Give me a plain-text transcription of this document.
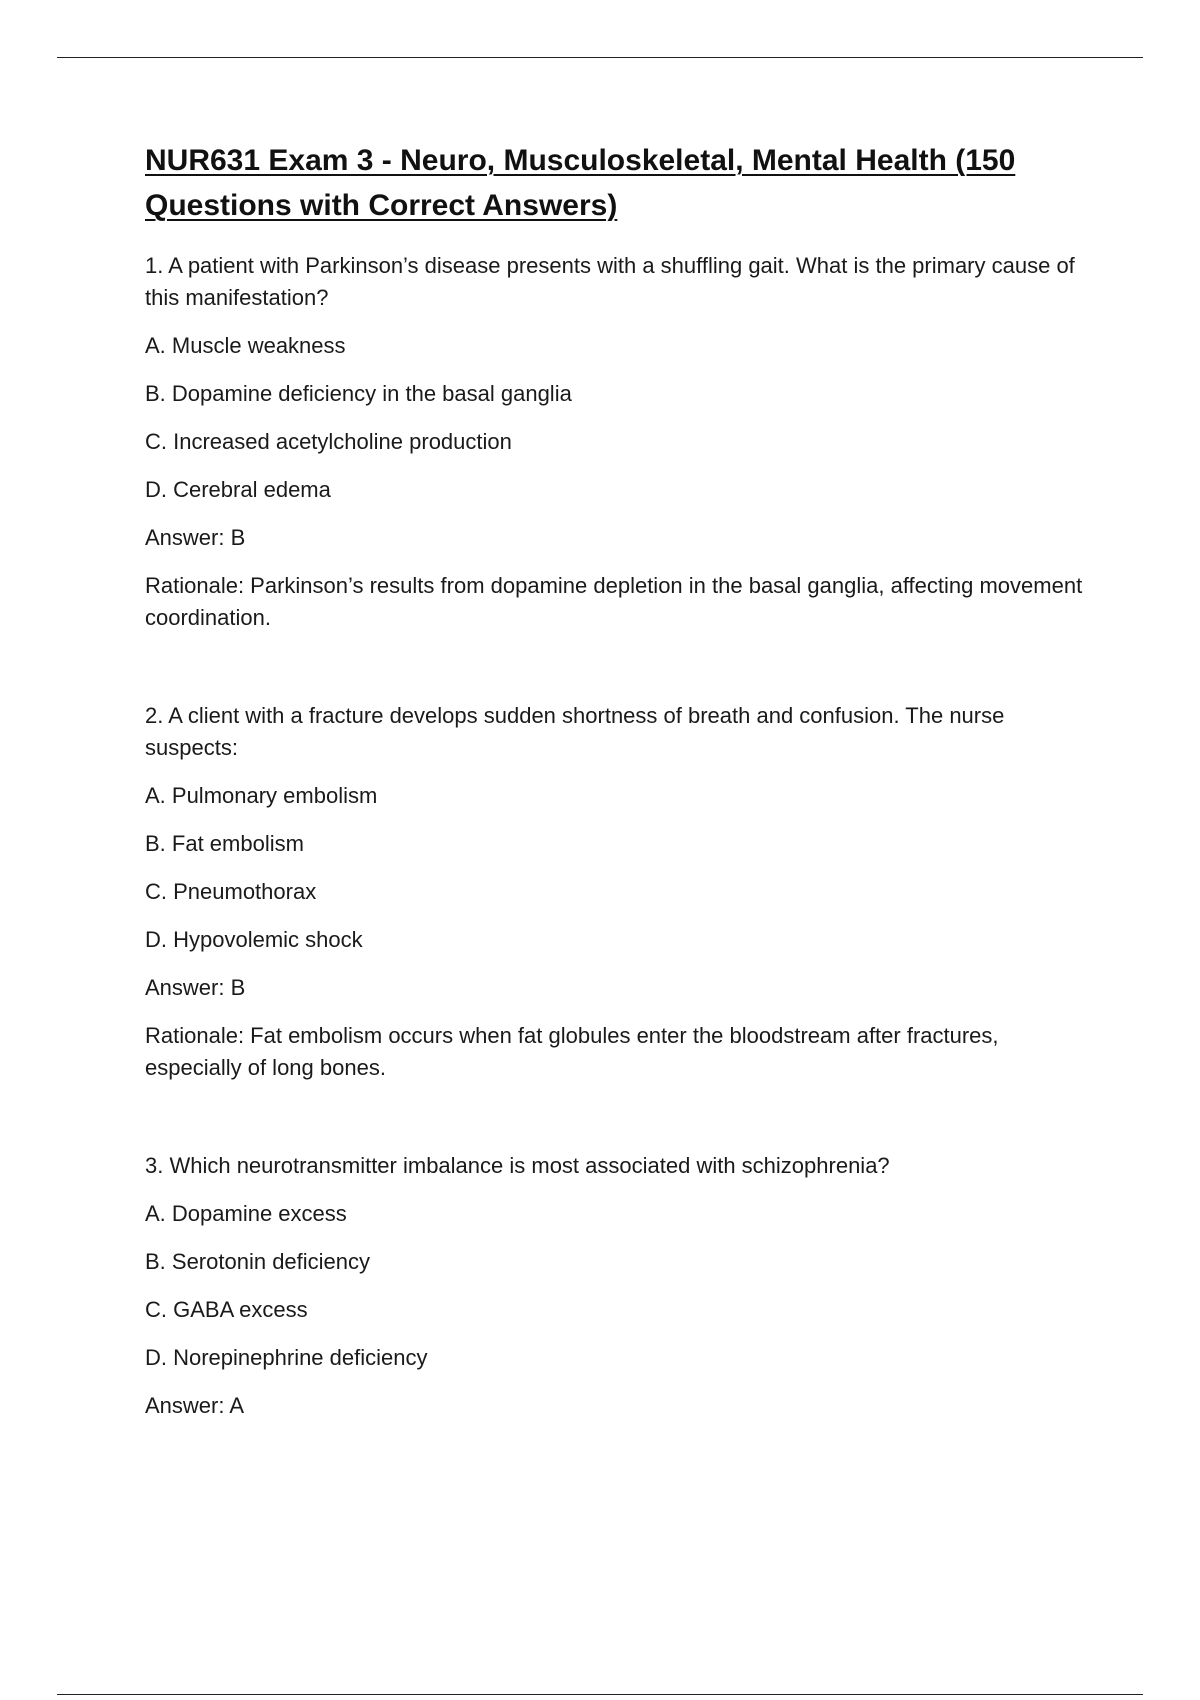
NUR631 Exam 3 - Neuro, Musculoskeletal, Mental Health (150 Questions with Correct Answers)

1. A patient with Parkinson’s disease presents with a shuffling gait. What is the primary cause of this manifestation?

A. Muscle weakness

B. Dopamine deficiency in the basal ganglia

C. Increased acetylcholine production

D. Cerebral edema

Answer: B

Rationale: Parkinson’s results from dopamine depletion in the basal ganglia, affecting movement coordination.

2. A client with a fracture develops sudden shortness of breath and confusion. The nurse suspects:

A. Pulmonary embolism

B. Fat embolism

C. Pneumothorax

D. Hypovolemic shock

Answer: B

Rationale: Fat embolism occurs when fat globules enter the bloodstream after fractures, especially of long bones.

3. Which neurotransmitter imbalance is most associated with schizophrenia?

A. Dopamine excess

B. Serotonin deficiency

C. GABA excess

D. Norepinephrine deficiency

Answer: A
